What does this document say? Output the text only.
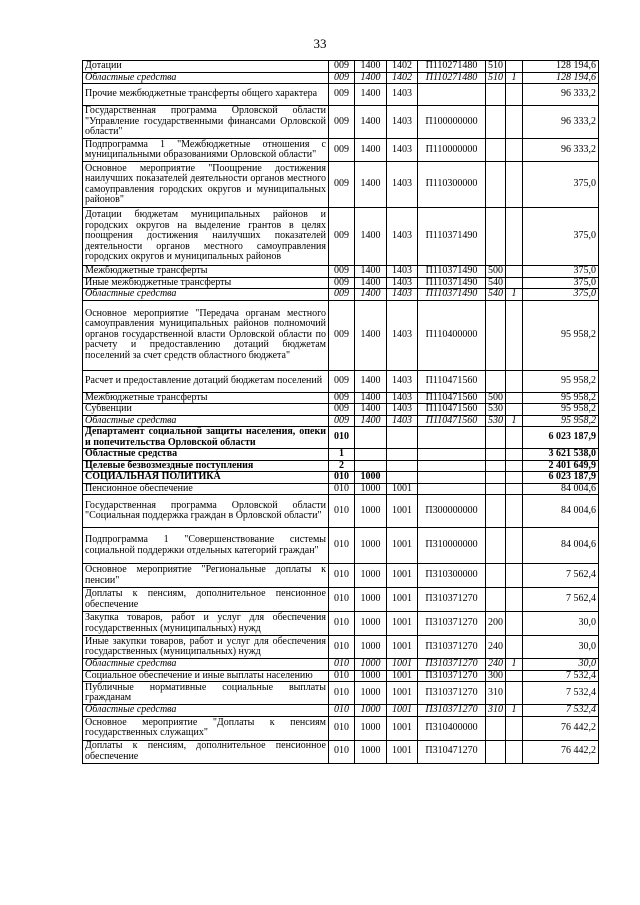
33
Дотации	009	1400	1402	П110271480	510		128 194,6
Областные средства	009	1400	1402	П110271480	510	1	128 194,6
Прочие межбюджетные трансферты общего характера	009	1400	1403				96 333,2
Государственная программа Орловской области "Управление государственными финансами Орловской области"	009	1400	1403	П100000000			96 333,2
Подпрограмма 1 "Межбюджетные отношения с муниципальными образованиями Орловской области"	009	1400	1403	П110000000			96 333,2
Основное мероприятие "Поощрение достижения наилучших показателей деятельности органов местного самоуправления городских округов и муниципальных районов"	009	1400	1403	П110300000			375,0
Дотации бюджетам муниципальных районов и городских округов на выделение грантов в целях поощрения достижения наилучших показателей деятельности органов местного самоуправления городских округов и муниципальных районов	009	1400	1403	П110371490			375,0
Межбюджетные трансферты	009	1400	1403	П110371490	500		375,0
Иные межбюджетные трансферты	009	1400	1403	П110371490	540		375,0
Областные средства	009	1400	1403	П110371490	540	1	375,0
Основное мероприятие "Передача органам местного самоуправления муниципальных районов полномочий органов государственной власти Орловской области по расчету и предоставлению дотаций бюджетам поселений за счет средств областного бюджета"	009	1400	1403	П110400000			95 958,2
Расчет и предоставление дотаций бюджетам поселений	009	1400	1403	П110471560			95 958,2
Межбюджетные трансферты	009	1400	1403	П110471560	500		95 958,2
Субвенции	009	1400	1403	П110471560	530		95 958,2
Областные средства	009	1400	1403	П110471560	530	1	95 958,2
Департамент социальной защиты населения, опеки и попечительства Орловской области	010						6 023 187,9
Областные средства	1						3 621 538,0
Целевые безвозмездные поступления	2						2 401 649,9
СОЦИАЛЬНАЯ ПОЛИТИКА	010	1000					6 023 187,9
Пенсионное обеспечение	010	1000	1001				84 004,6
Государственная программа Орловской области "Социальная поддержка граждан в Орловской области"	010	1000	1001	П300000000			84 004,6
Подпрограмма 1 "Совершенствование системы социальной поддержки отдельных категорий граждан"	010	1000	1001	П310000000			84 004,6
Основное мероприятие "Региональные доплаты к пенсии"	010	1000	1001	П310300000			7 562,4
Доплаты к пенсиям, дополнительное пенсионное обеспечение	010	1000	1001	П310371270			7 562,4
Закупка товаров, работ и услуг для обеспечения государственных (муниципальных) нужд	010	1000	1001	П310371270	200		30,0
Иные закупки товаров, работ и услуг для обеспечения государственных (муниципальных) нужд	010	1000	1001	П310371270	240		30,0
Областные средства	010	1000	1001	П310371270	240	1	30,0
Социальное обеспечение и иные выплаты населению	010	1000	1001	П310371270	300		7 532,4
Публичные нормативные социальные выплаты гражданам	010	1000	1001	П310371270	310		7 532,4
Областные средства	010	1000	1001	П310371270	310	1	7 532,4
Основное мероприятие "Доплаты к пенсиям государственных служащих"	010	1000	1001	П310400000			76 442,2
Доплаты к пенсиям, дополнительное пенсионное обеспечение	010	1000	1001	П310471270			76 442,2
